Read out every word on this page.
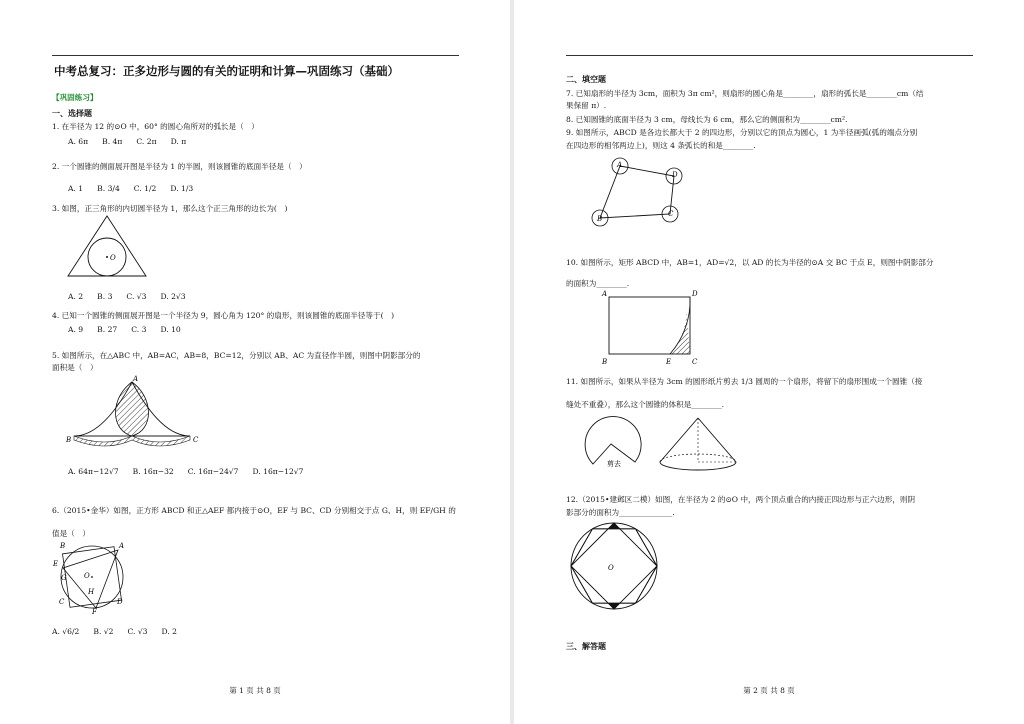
中考总复习：正多边形与圆的有关的证明和计算—巩固练习（基础）
【巩固练习】
一、选择题
1. 在半径为 12 的⊙O 中，60° 的圆心角所对的弧长是（　）
A. 6π B. 4π C. 2π D. π
2. 一个圆锥的侧面展开图是半径为 1 的半圆，则该圆锥的底面半径是（　）
A. 1 B. 3/4 C. 1/2 D. 1/3
3. 如图，正三角形的内切圆半径为 1，那么这个正三角形的边长为(　)
O
A. 2 B. 3 C. √3 D. 2√3
4. 已知一个圆锥的侧面展开图是一个半径为 9，圆心角为 120° 的扇形，则该圆锥的底面半径等于(　)
A. 9 B. 27 C. 3 D. 10
5. 如图所示，在△ABC 中，AB=AC，AB=8，BC=12，分别以 AB、AC 为直径作半圆，则图中阴影部分的
面积是（　）
A
B	C
A. 64π−12√7 B. 16π−32 C. 16π−24√7 D. 16π−12√7
6.（2015•金华）如图，正方形 ABCD 和正△AEF 都内接于⊙O，EF 与 BC、CD 分别相交于点 G、H，则 EF/GH 的
值是（　）
B	A
E
G O
H
C
F
D
A. √6/2 B. √2 C. √3 D. 2
第 1 页 共 8 页
二、填空题
7. 已知扇形的半径为 3cm，面积为 3π cm²，则扇形的圆心角是________，扇形的弧长是________cm（结
果保留 π）.
8. 已知圆锥的底面半径为 3 cm，母线长为 6 cm，那么它的侧面积为________cm².
9. 如图所示，ABCD 是各边长都大于 2 的四边形，分别以它的顶点为圆心，1 为半径画弧(弧的端点分别
在四边形的相邻两边上)，则这 4 条弧长的和是________.
A
D
B
C
10. 如图所示，矩形 ABCD 中，AB=1，AD=√2，以 AD 的长为半径的⊙A 交 BC 于点 E，则图中阴影部分
的面积为________.
A	D
B	E	C
11. 如图所示，如果从半径为 3cm 的圆形纸片剪去 1/3 圆周的一个扇形，将留下的扇形围成一个圆锥（接
缝处不重叠），那么这个圆锥的体积是________.
剪去
12.（2015•建邺区二模）如图，在半径为 2 的⊙O 中，两个顶点重合的内接正四边形与正六边形，则阴
影部分的面积为______________.
O
三、解答题
第 2 页 共 8 页
